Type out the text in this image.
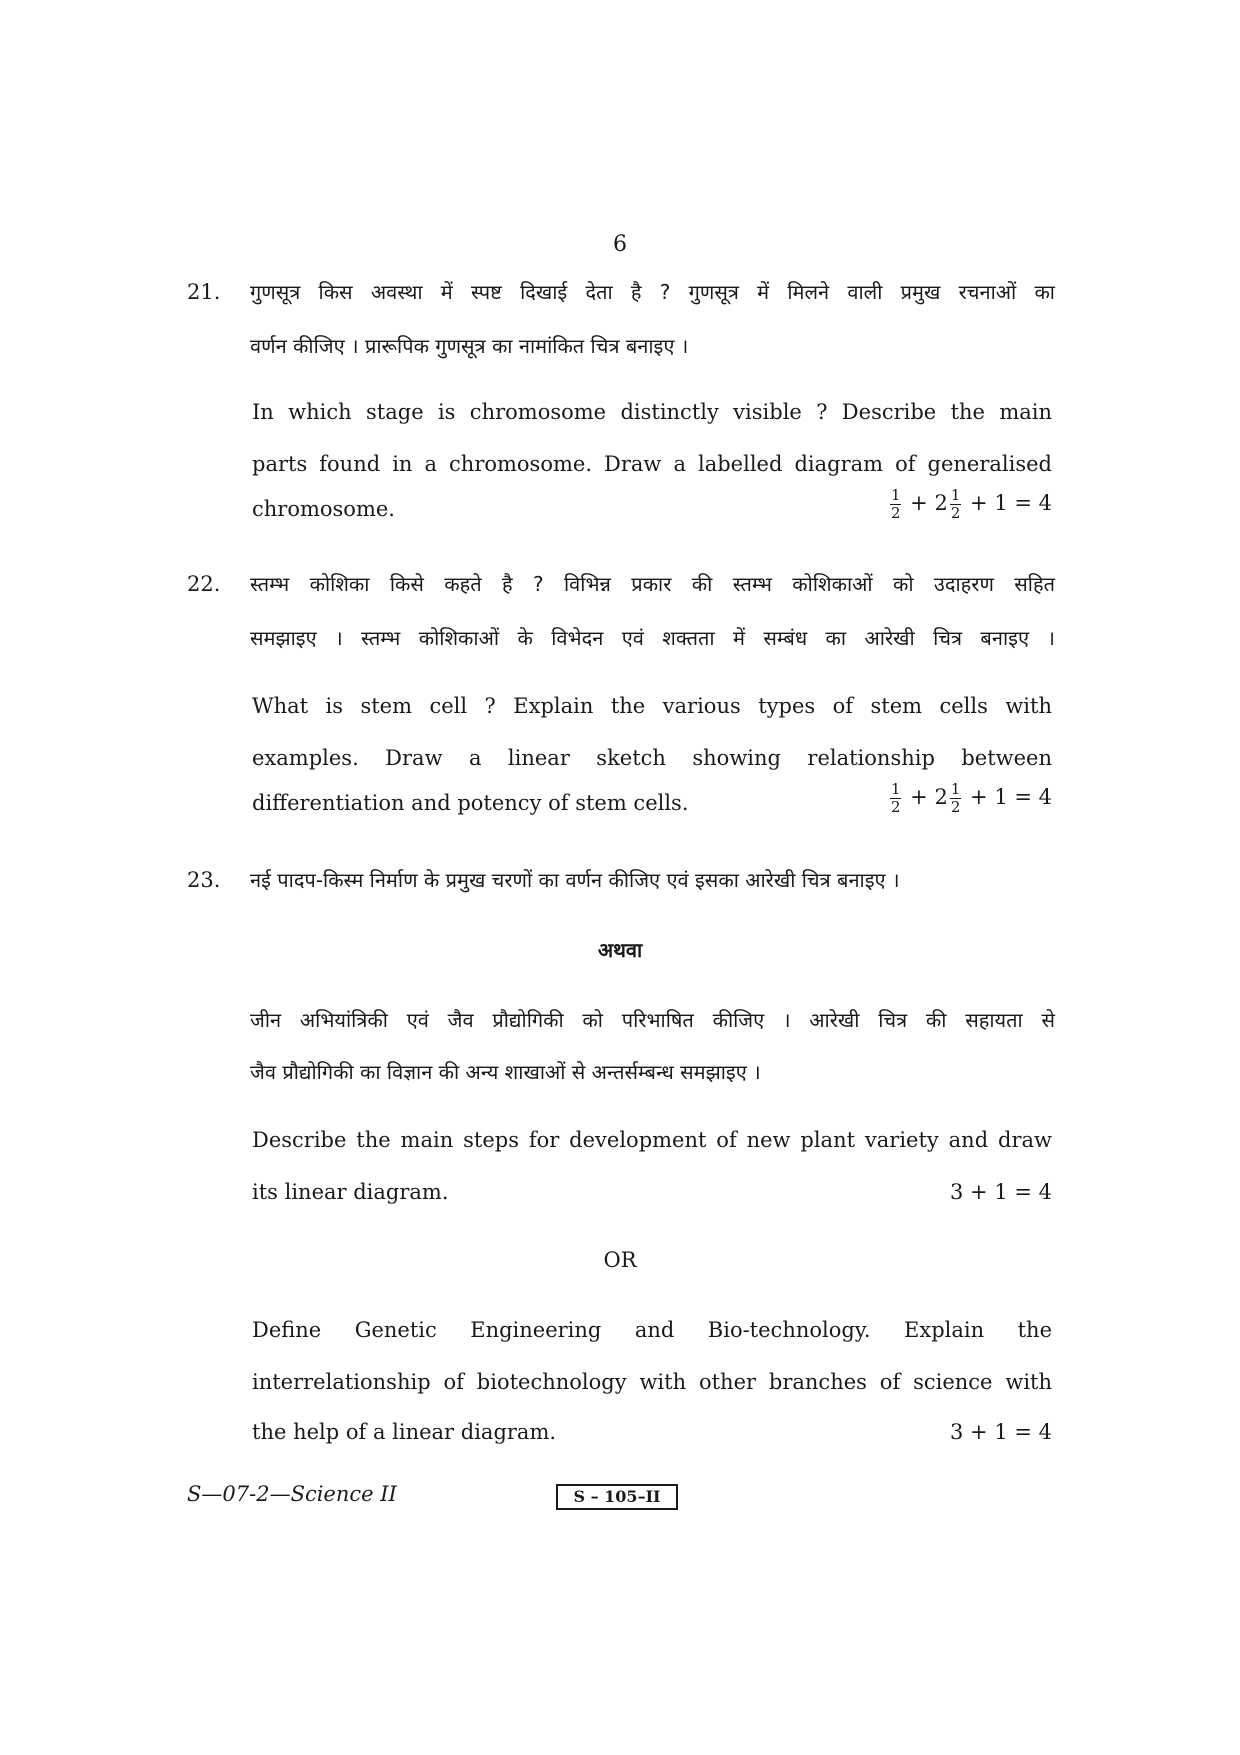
6
21. गुणसूत्र किस अवस्था में स्पष्ट दिखाई देता है ? गुणसूत्र में मिलने वाली प्रमुख रचनाओं का
वर्णन कीजिए । प्रारूपिक गुणसूत्र का नामांकित चित्र बनाइए ।
In which stage is chromosome distinctly visible ? Describe the main
parts found in a chromosome. Draw a labelled diagram of generalised
chromosome.	$\frac{1}{2} + 2 \frac{1}{2} + 1 = 4$
22. स्तम्भ कोशिका किसे कहते है ? विभिन्न प्रकार की स्तम्भ कोशिकाओं को उदाहरण सहित
समझाइए । स्तम्भ कोशिकाओं के विभेदन एवं शक्तता में सम्बंध का आरेखी चित्र बनाइए ।
What is stem cell ? Explain the various types of stem cells with
examples. Draw a linear sketch showing relationship between
differentiation and potency of stem cells.	$\frac{1}{2} + 2 \frac{1}{2} + 1 = 4$
23. नई पादप-किस्म निर्माण के प्रमुख चरणों का वर्णन कीजिए एवं इसका आरेखी चित्र बनाइए ।
अथवा
जीन अभियांत्रिकी एवं जैव प्रौद्योगिकी को परिभाषित कीजिए । आरेखी चित्र की सहायता से
जैव प्रौद्योगिकी का विज्ञान की अन्य शाखाओं से अन्तर्सम्बन्ध समझाइए ।
Describe the main steps for development of new plant variety and draw
its linear diagram.	3 + 1 = 4
OR
Define Genetic Engineering and Bio-technology. Explain the
interrelationship of biotechnology with other branches of science with
the help of a linear diagram.	3 + 1 = 4
S—07-2—Science II	S – 105–II
